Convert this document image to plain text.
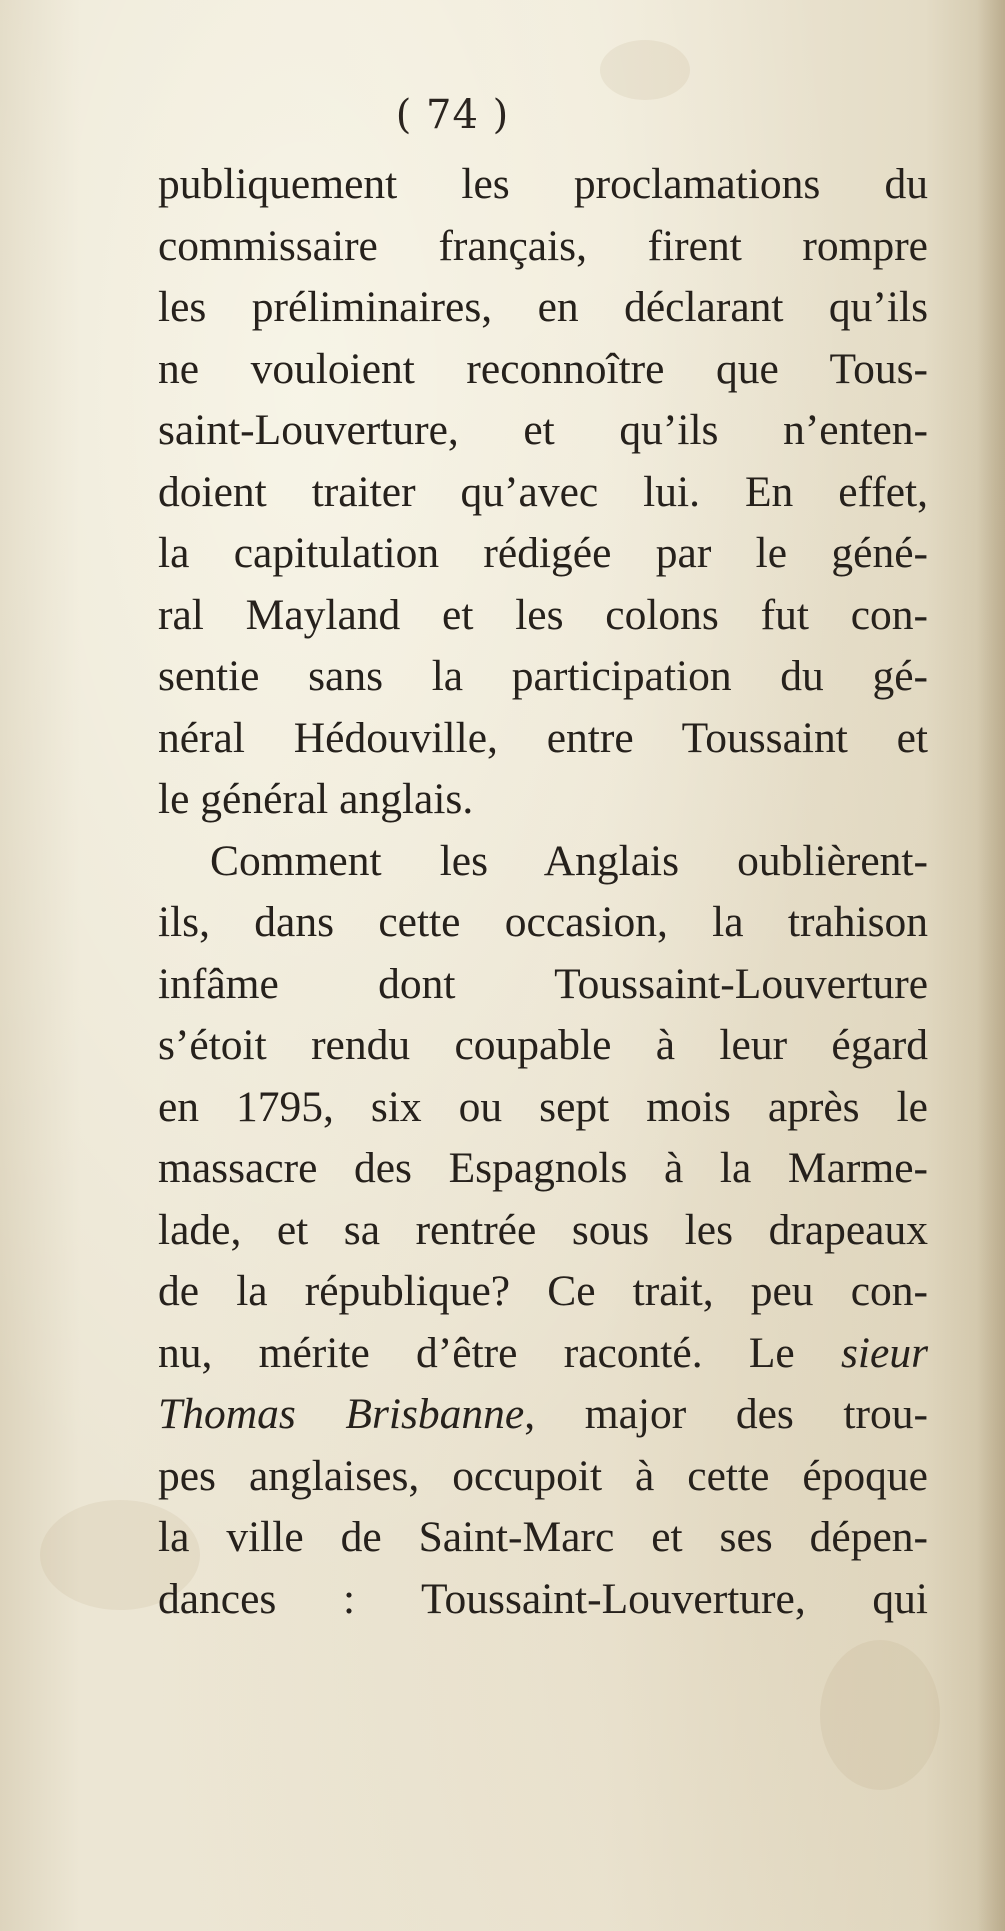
( 74 )
publiquement les proclamations du
commissaire français, firent rompre
les préliminaires, en déclarant qu’ils
ne vouloient reconnoître que Tous-
saint-Louverture, et qu’ils n’enten-
doient traiter qu’avec lui. En effet,
la capitulation rédigée par le géné-
ral Mayland et les colons fut con-
sentie sans la participation du gé-
néral Hédouville, entre Toussaint et
le général anglais.
Comment les Anglais oublièrent-
ils, dans cette occasion, la trahison
infâme dont Toussaint-Louverture
s’étoit rendu coupable à leur égard
en 1795, six ou sept mois après le
massacre des Espagnols à la Marme-
lade, et sa rentrée sous les drapeaux
de la république? Ce trait, peu con-
nu, mérite d’être raconté. Le sieur
Thomas Brisbanne, major des trou-
pes anglaises, occupoit à cette époque
la ville de Saint-Marc et ses dépen-
dances : Toussaint-Louverture, qui
